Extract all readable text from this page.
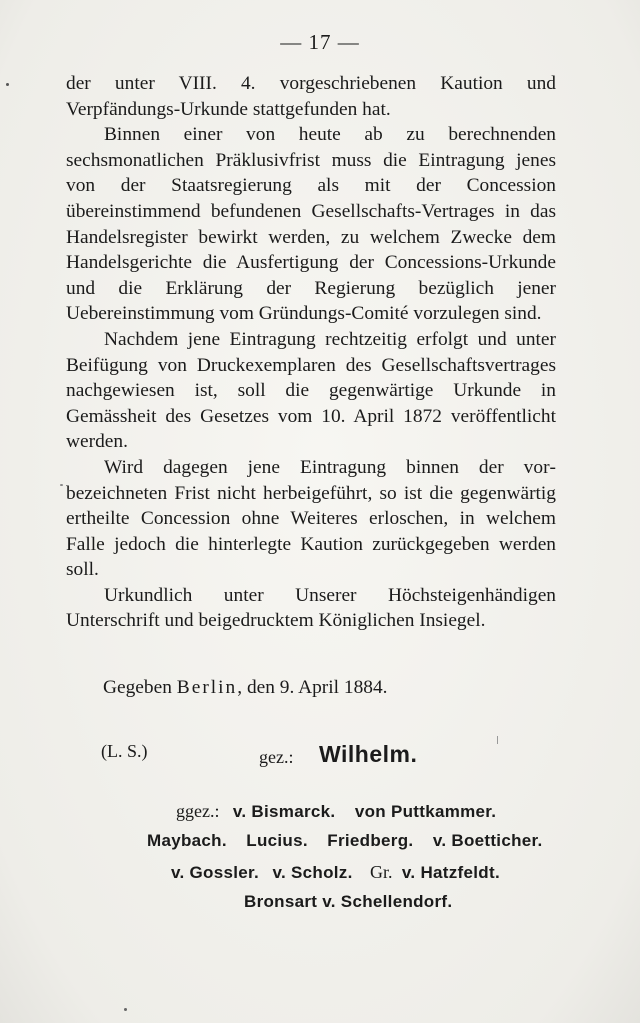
— 17 —

der unter VIII. 4. vorgeschriebenen Kaution und Verpfändungs-Urkunde stattgefunden hat.

Binnen einer von heute ab zu berechnenden sechsmonatlichen Präklusivfrist muss die Eintragung jenes von der Staatsregierung als mit der Concession übereinstimmend befundenen Gesellschafts-Vertrages in das Handelsregister bewirkt werden, zu welchem Zwecke dem Handelsgerichte die Ausfertigung der Concessions-Urkunde und die Erklärung der Regierung bezüglich jener Uebereinstimmung vom Gründungs-Comité vorzulegen sind.

Nachdem jene Eintragung rechtzeitig erfolgt und unter Beifügung von Druckexemplaren des Gesellschaftsvertrages nachgewiesen ist, soll die gegenwärtige Urkunde in Gemässheit des Gesetzes vom 10. April 1872 veröffentlicht werden.

Wird dagegen jene Eintragung binnen der vorbezeichneten Frist nicht herbeigeführt, so ist die gegenwärtig ertheilte Concession ohne Weiteres erloschen, in welchem Falle jedoch die hinterlegte Kaution zurückgegeben werden soll.

Urkundlich unter Unserer Höchsteigenhändigen Unterschrift und beigedrucktem Königlichen Insiegel.

Gegeben Berlin, den 9. April 1884.
(L. S.)	gez.: Wilhelm.
ggez.: v. Bismarck. von Puttkammer.
Maybach. Lucius. Friedberg. v. Boetticher.
v. Gossler. v. Scholz. Gr. v. Hatzfeldt.
Bronsart v. Schellendorf.
